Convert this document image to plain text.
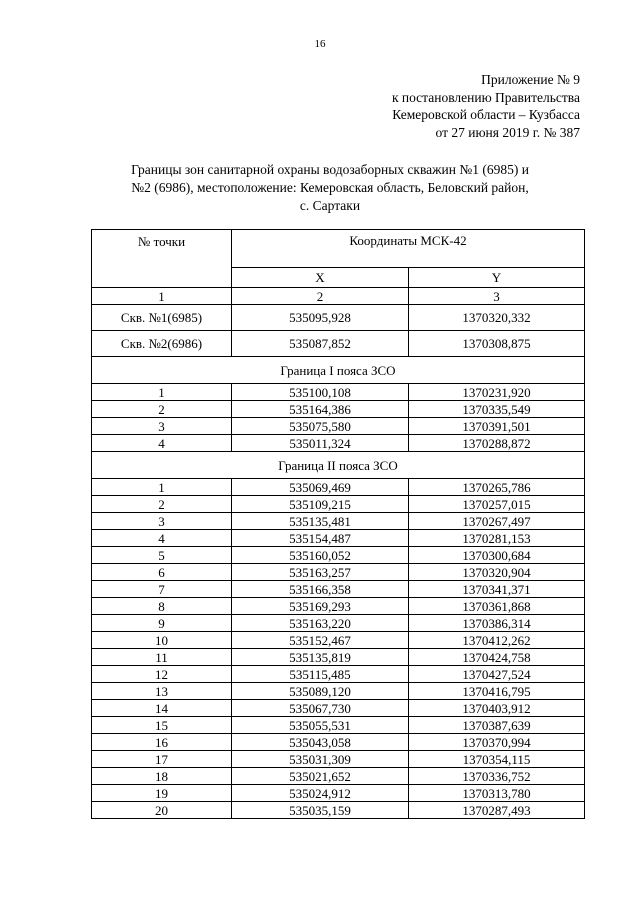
16
Приложение № 9
к постановлению Правительства
Кемеровской области – Кузбасса
от 27 июня 2019 г. № 387
Границы зон санитарной охраны водозаборных скважин №1 (6985) и
№2 (6986), местоположение: Кемеровская область, Беловский район,
с. Сартаки
№ точки	Координаты МСК-42	
	X	Y
1	2	3
Скв. №1(6985)	535095,928	1370320,332
Скв. №2(6986)	535087,852	1370308,875
Граница I пояса ЗСО		
1	535100,108	1370231,920
2	535164,386	1370335,549
3	535075,580	1370391,501
4	535011,324	1370288,872
Граница II пояса ЗСО		
1	535069,469	1370265,786
2	535109,215	1370257,015
3	535135,481	1370267,497
4	535154,487	1370281,153
5	535160,052	1370300,684
6	535163,257	1370320,904
7	535166,358	1370341,371
8	535169,293	1370361,868
9	535163,220	1370386,314
10	535152,467	1370412,262
11	535135,819	1370424,758
12	535115,485	1370427,524
13	535089,120	1370416,795
14	535067,730	1370403,912
15	535055,531	1370387,639
16	535043,058	1370370,994
17	535031,309	1370354,115
18	535021,652	1370336,752
19	535024,912	1370313,780
20	535035,159	1370287,493
